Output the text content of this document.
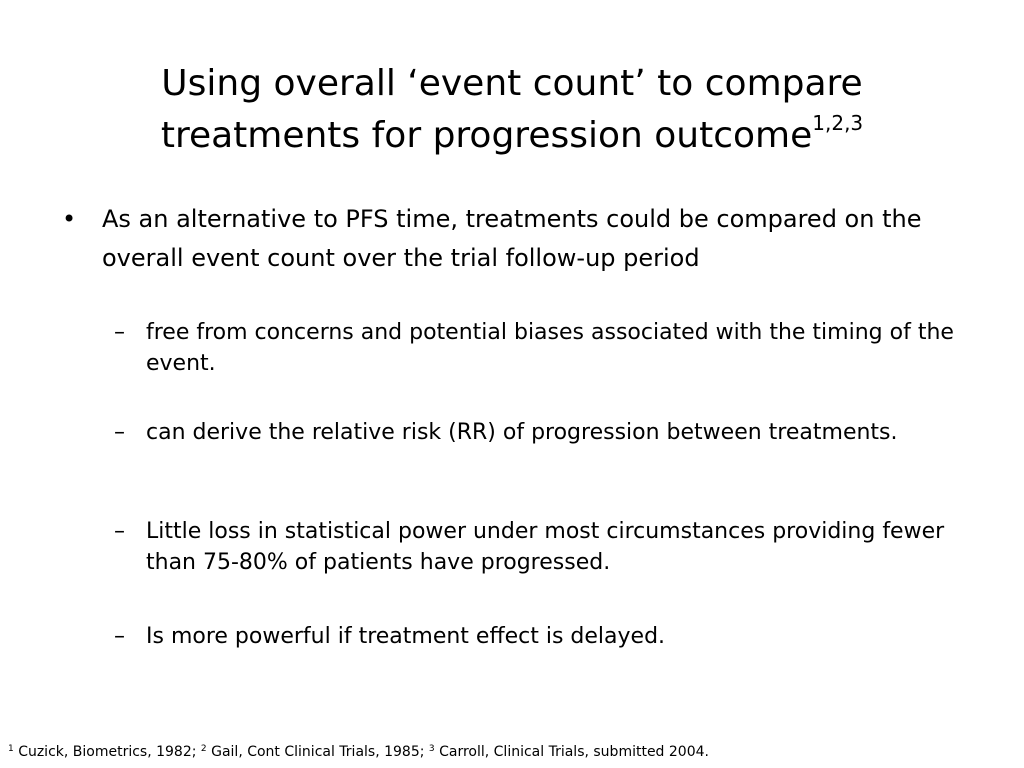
Using overall ‘event count’ to compare
treatments for progression outcome$^{1,2,3}$
•	As an alternative to PFS time, treatments could be compared on the overall event count over the trial follow-up period
– free from concerns and potential biases associated with the timing of the event.
– can derive the relative risk (RR) of progression between treatments.
– Little loss in statistical power under most circumstances providing fewer than 75-80% of patients have progressed.
– Is more powerful if treatment effect is delayed.
$^1$ Cuzick, Biometrics, 1982; $^2$ Gail, Cont Clinical Trials, 1985; $^3$ Carroll, Clinical Trials, submitted 2004.
